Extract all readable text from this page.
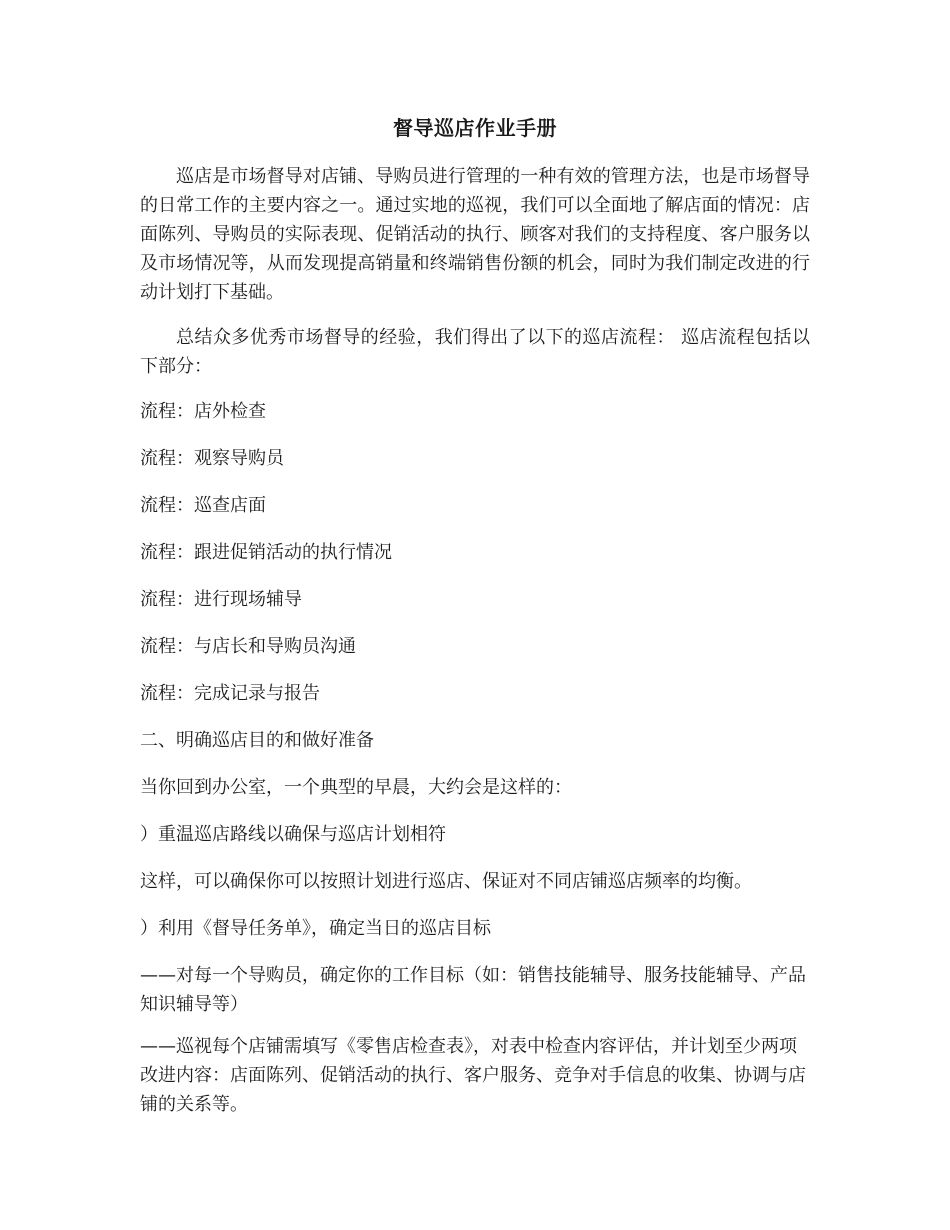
督导巡店作业手册

巡店是市场督导对店铺、导购员进行管理的一种有效的管理方法，也是市场督导的日常工作的主要内容之一。通过实地的巡视，我们可以全面地了解店面的情况：店面陈列、导购员的实际表现、促销活动的执行、顾客对我们的支持程度、客户服务以及市场情况等，从而发现提高销量和终端销售份额的机会，同时为我们制定改进的行动计划打下基础。

总结众多优秀市场督导的经验，我们得出了以下的巡店流程： 巡店流程包括以下部分：

流程：店外检查

流程：观察导购员

流程：巡查店面

流程：跟进促销活动的执行情况

流程：进行现场辅导

流程：与店长和导购员沟通

流程：完成记录与报告

二、明确巡店目的和做好准备

当你回到办公室，一个典型的早晨，大约会是这样的：

）重温巡店路线以确保与巡店计划相符

这样，可以确保你可以按照计划进行巡店、保证对不同店铺巡店频率的均衡。

）利用《督导任务单》，确定当日的巡店目标

——对每一个导购员，确定你的工作目标（如：销售技能辅导、服务技能辅导、产品知识辅导等）

——巡视每个店铺需填写《零售店检查表》，对表中检查内容评估，并计划至少两项改进内容：店面陈列、促销活动的执行、客户服务、竞争对手信息的收集、协调与店铺的关系等。
